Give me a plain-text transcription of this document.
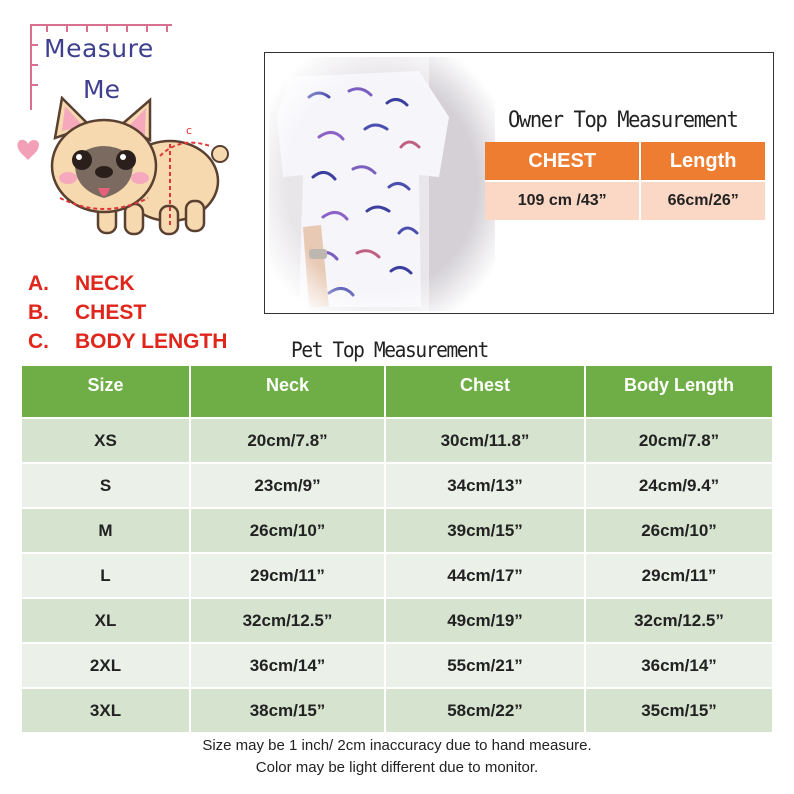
Measure
Me
c
A.	NECK
B.	CHEST
C.	BODY LENGTH
Owner Top Measurement
CHEST	Length
109 cm /43”	66cm/26”
Pet Top Measurement
Size	Neck	Chest	Body Length
XS	20cm/7.8”	30cm/11.8”	20cm/7.8”
S	23cm/9”	34cm/13”	24cm/9.4”
M	26cm/10”	39cm/15”	26cm/10”
L	29cm/11”	44cm/17”	29cm/11”
XL	32cm/12.5”	49cm/19”	32cm/12.5”
2XL	36cm/14”	55cm/21”	36cm/14”
3XL	38cm/15”	58cm/22”	35cm/15”
Size may be 1 inch/ 2cm inaccuracy due to hand measure.
Color may be light different due to monitor.
